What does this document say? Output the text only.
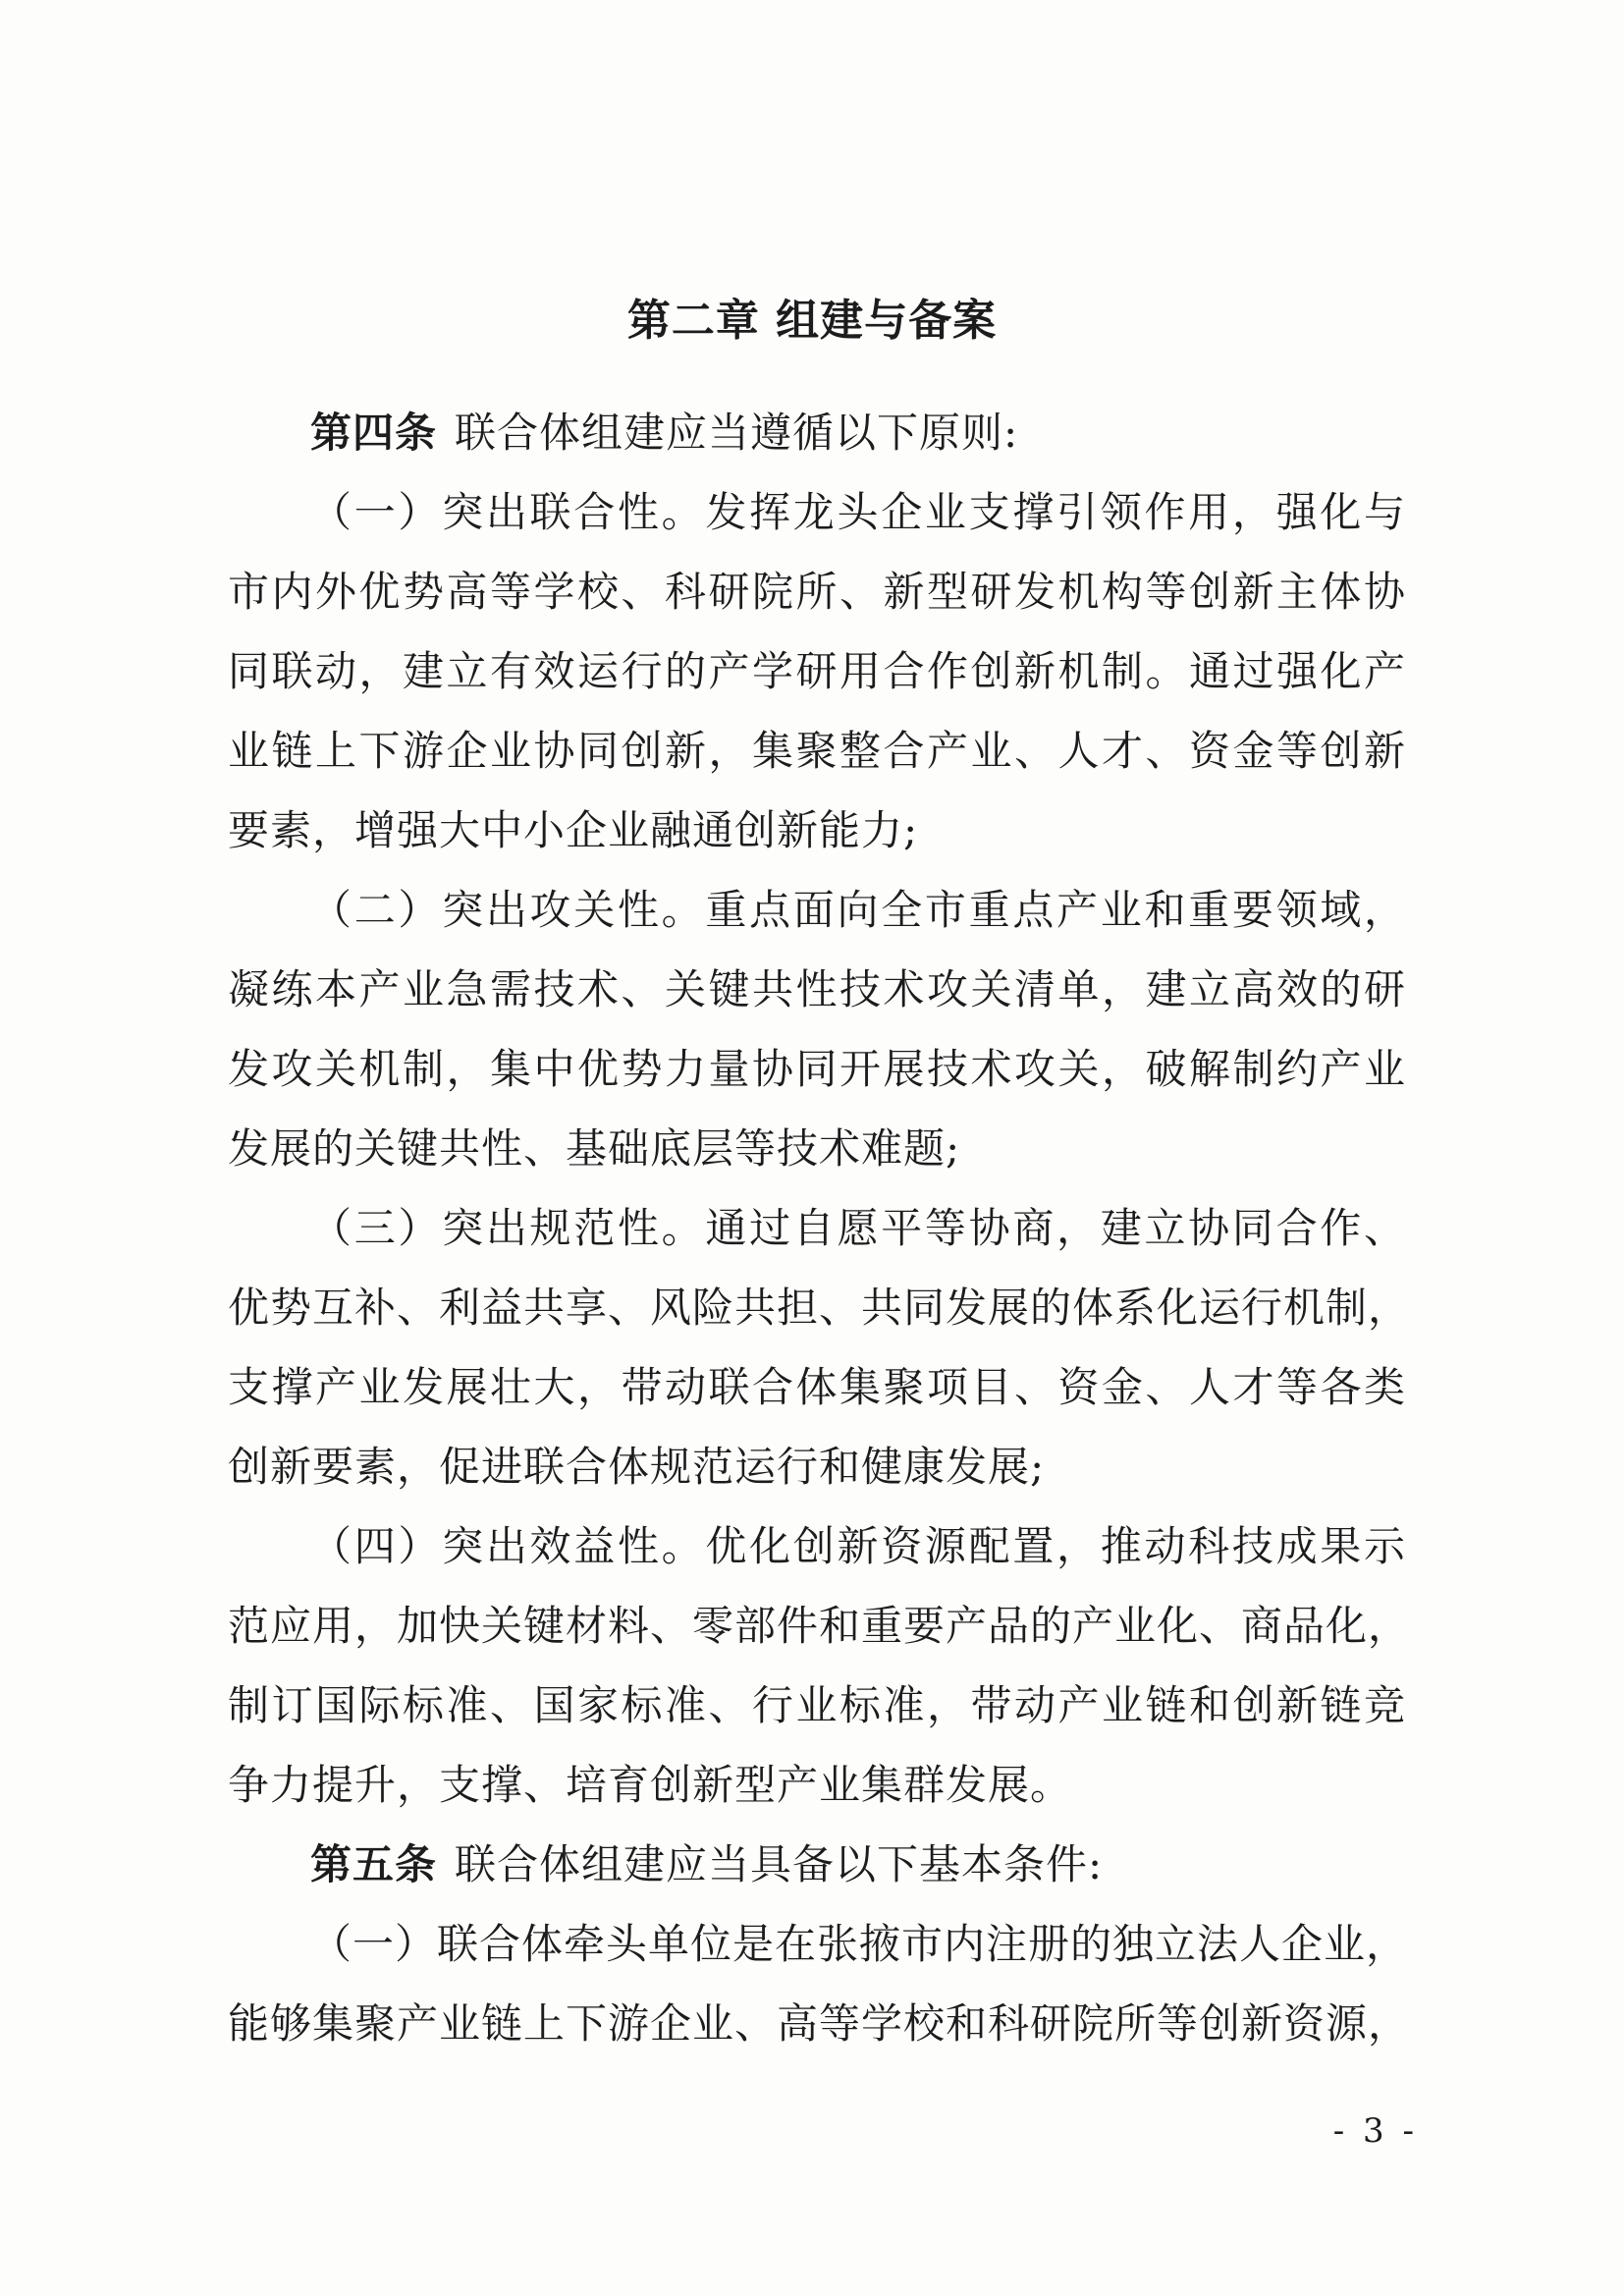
第二章 组建与备案
第四条 联合体组建应当遵循以下原则:
（一）突出联合性。发挥龙头企业支撑引领作用，强化与
市内外优势高等学校、科研院所、新型研发机构等创新主体协
同联动，建立有效运行的产学研用合作创新机制。通过强化产
业链上下游企业协同创新，集聚整合产业、人才、资金等创新
要素，增强大中小企业融通创新能力;
（二）突出攻关性。重点面向全市重点产业和重要领域，
凝练本产业急需技术、关键共性技术攻关清单，建立高效的研
发攻关机制，集中优势力量协同开展技术攻关，破解制约产业
发展的关键共性、基础底层等技术难题;
（三）突出规范性。通过自愿平等协商，建立协同合作、
优势互补、利益共享、风险共担、共同发展的体系化运行机制，
支撑产业发展壮大，带动联合体集聚项目、资金、人才等各类
创新要素，促进联合体规范运行和健康发展;
（四）突出效益性。优化创新资源配置，推动科技成果示
范应用，加快关键材料、零部件和重要产品的产业化、商品化，
制订国际标准、国家标准、行业标准，带动产业链和创新链竞
争力提升，支撑、培育创新型产业集群发展。
第五条 联合体组建应当具备以下基本条件:
（一）联合体牵头单位是在张掖市内注册的独立法人企业，
能够集聚产业链上下游企业、高等学校和科研院所等创新资源，
- 3 -
